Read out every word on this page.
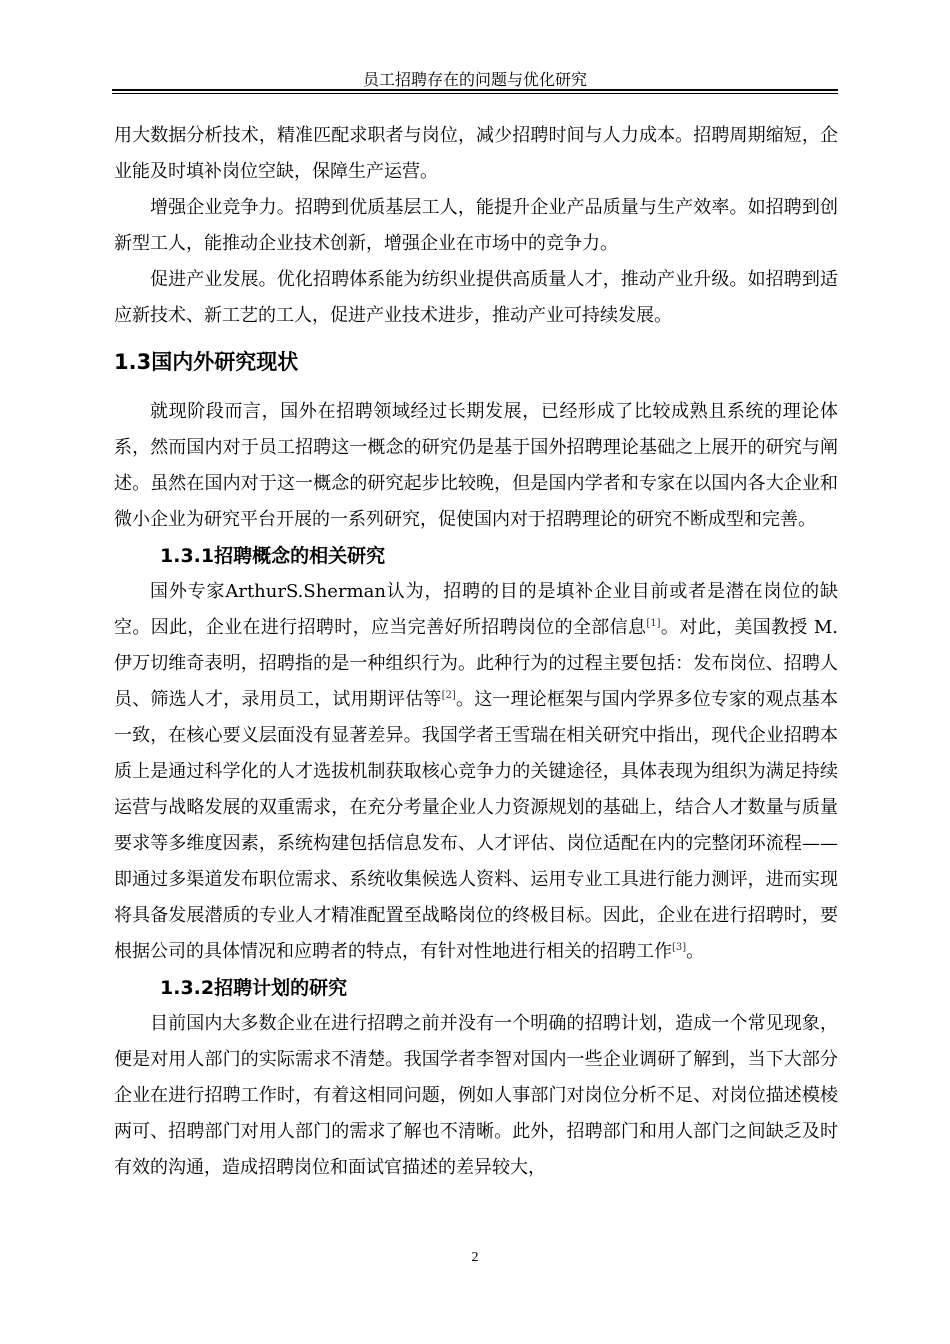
员工招聘存在的问题与优化研究

用大数据分析技术，精准匹配求职者与岗位，减少招聘时间与人力成本。招聘周期缩短，企业能及时填补岗位空缺，保障生产运营。

增强企业竞争力。招聘到优质基层工人，能提升企业产品质量与生产效率。如招聘到创新型工人，能推动企业技术创新，增强企业在市场中的竞争力。

促进产业发展。优化招聘体系能为纺织业提供高质量人才，推动产业升级。如招聘到适应新技术、新工艺的工人，促进产业技术进步，推动产业可持续发展。

1.3国内外研究现状

就现阶段而言，国外在招聘领域经过长期发展，已经形成了比较成熟且系统的理论体系，然而国内对于员工招聘这一概念的研究仍是基于国外招聘理论基础之上展开的研究与阐述。虽然在国内对于这一概念的研究起步比较晚，但是国内学者和专家在以国内各大企业和微小企业为研究平台开展的一系列研究，促使国内对于招聘理论的研究不断成型和完善。

1.3.1招聘概念的相关研究

国外专家ArthurS.Sherman认为，招聘的目的是填补企业目前或者是潜在岗位的缺空。因此，企业在进行招聘时，应当完善好所招聘岗位的全部信息[1]。对此，美国教授 M.伊万切维奇表明，招聘指的是一种组织行为。此种行为的过程主要包括：发布岗位、招聘人员、筛选人才，录用员工，试用期评估等[2]。这一理论框架与国内学界多位专家的观点基本一致，在核心要义层面没有显著差异。我国学者王雪瑞在相关研究中指出，现代企业招聘本质上是通过科学化的人才选拔机制获取核心竞争力的关键途径，具体表现为组织为满足持续运营与战略发展的双重需求，在充分考量企业人力资源规划的基础上，结合人才数量与质量要求等多维度因素，系统构建包括信息发布、人才评估、岗位适配在内的完整闭环流程——即通过多渠道发布职位需求、系统收集候选人资料、运用专业工具进行能力测评，进而实现将具备发展潜质的专业人才精准配置至战略岗位的终极目标。因此，企业在进行招聘时，要根据公司的具体情况和应聘者的特点，有针对性地进行相关的招聘工作[3]。

1.3.2招聘计划的研究

目前国内大多数企业在进行招聘之前并没有一个明确的招聘计划，造成一个常见现象，便是对用人部门的实际需求不清楚。我国学者李智对国内一些企业调研了解到，当下大部分企业在进行招聘工作时，有着这相同问题，例如人事部门对岗位分析不足、对岗位描述模棱两可、招聘部门对用人部门的需求了解也不清晰。此外，招聘部门和用人部门之间缺乏及时有效的沟通，造成招聘岗位和面试官描述的差异较大，

2
